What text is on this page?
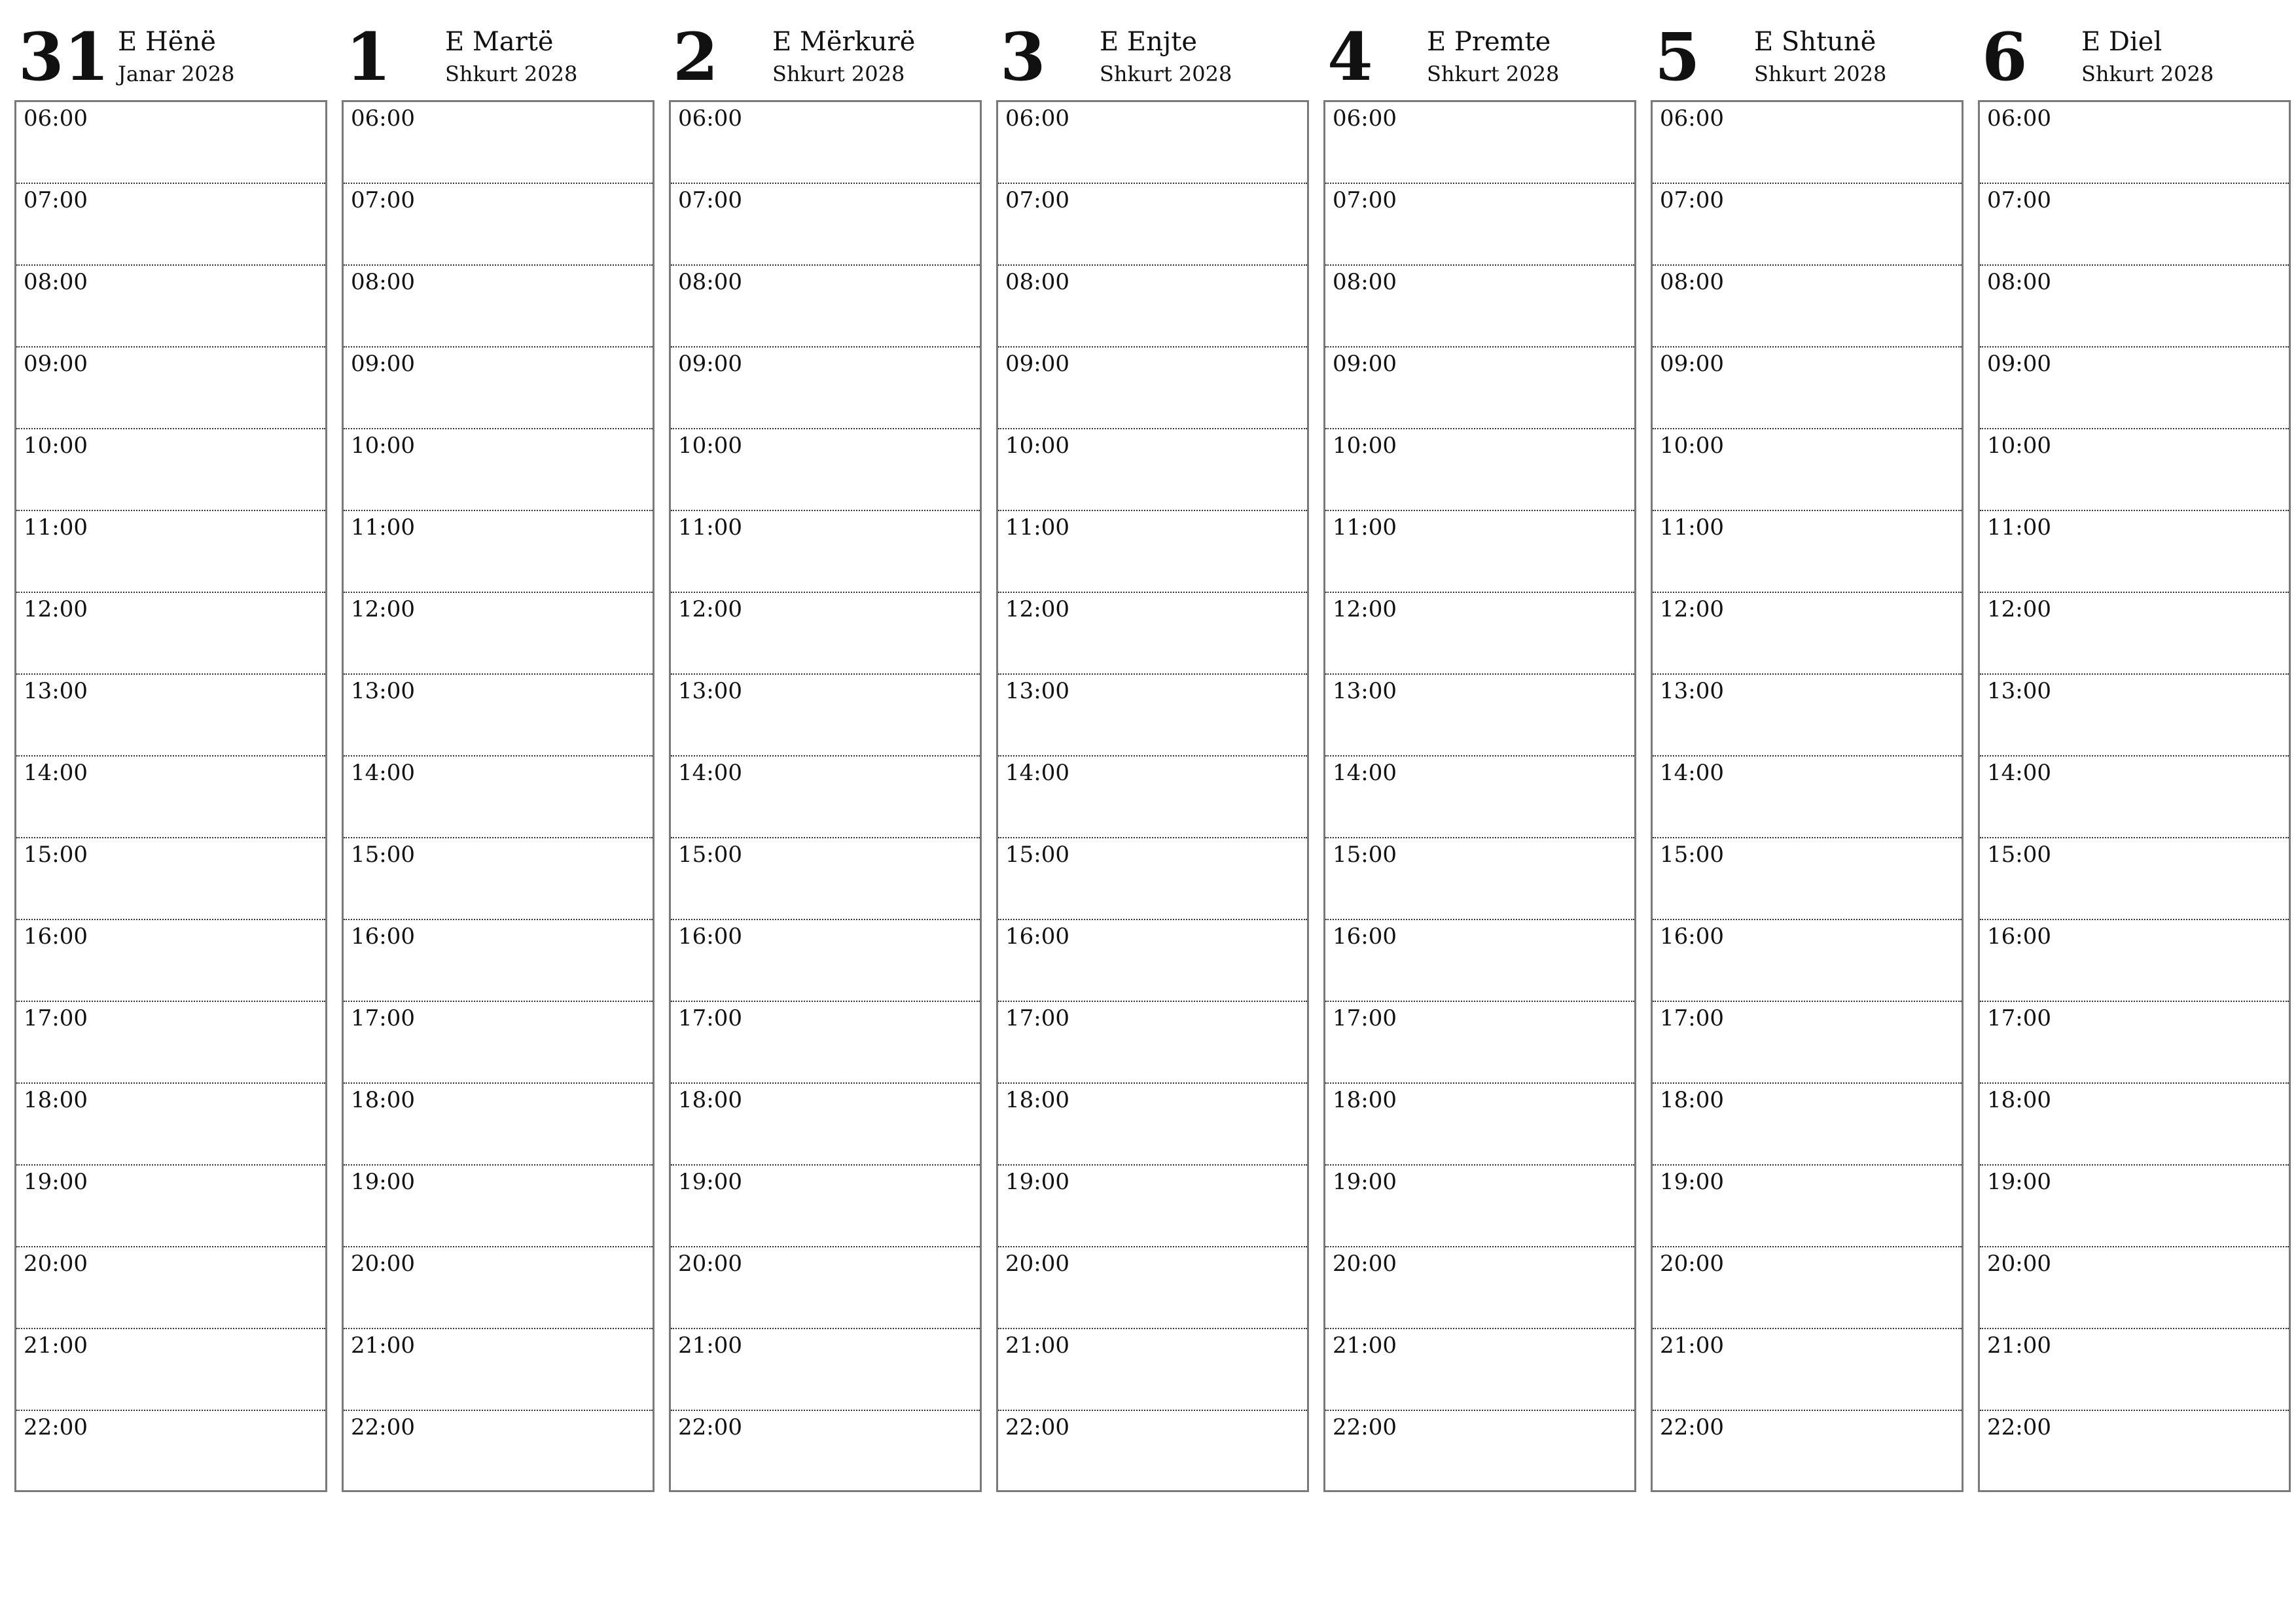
31 E Hënë
Janar 2028
06:00
07:00
08:00
09:00
10:00
11:00
12:00
13:00
14:00
15:00
16:00
17:00
18:00
19:00
20:00
21:00
22:00
1 E Martë
Shkurt 2028
06:00
07:00
08:00
09:00
10:00
11:00
12:00
13:00
14:00
15:00
16:00
17:00
18:00
19:00
20:00
21:00
22:00
2 E Mërkurë
Shkurt 2028
06:00
07:00
08:00
09:00
10:00
11:00
12:00
13:00
14:00
15:00
16:00
17:00
18:00
19:00
20:00
21:00
22:00
3 E Enjte
Shkurt 2028
06:00
07:00
08:00
09:00
10:00
11:00
12:00
13:00
14:00
15:00
16:00
17:00
18:00
19:00
20:00
21:00
22:00
4 E Premte
Shkurt 2028
06:00
07:00
08:00
09:00
10:00
11:00
12:00
13:00
14:00
15:00
16:00
17:00
18:00
19:00
20:00
21:00
22:00
5 E Shtunë
Shkurt 2028
06:00
07:00
08:00
09:00
10:00
11:00
12:00
13:00
14:00
15:00
16:00
17:00
18:00
19:00
20:00
21:00
22:00
6 E Diel
Shkurt 2028
06:00
07:00
08:00
09:00
10:00
11:00
12:00
13:00
14:00
15:00
16:00
17:00
18:00
19:00
20:00
21:00
22:00
